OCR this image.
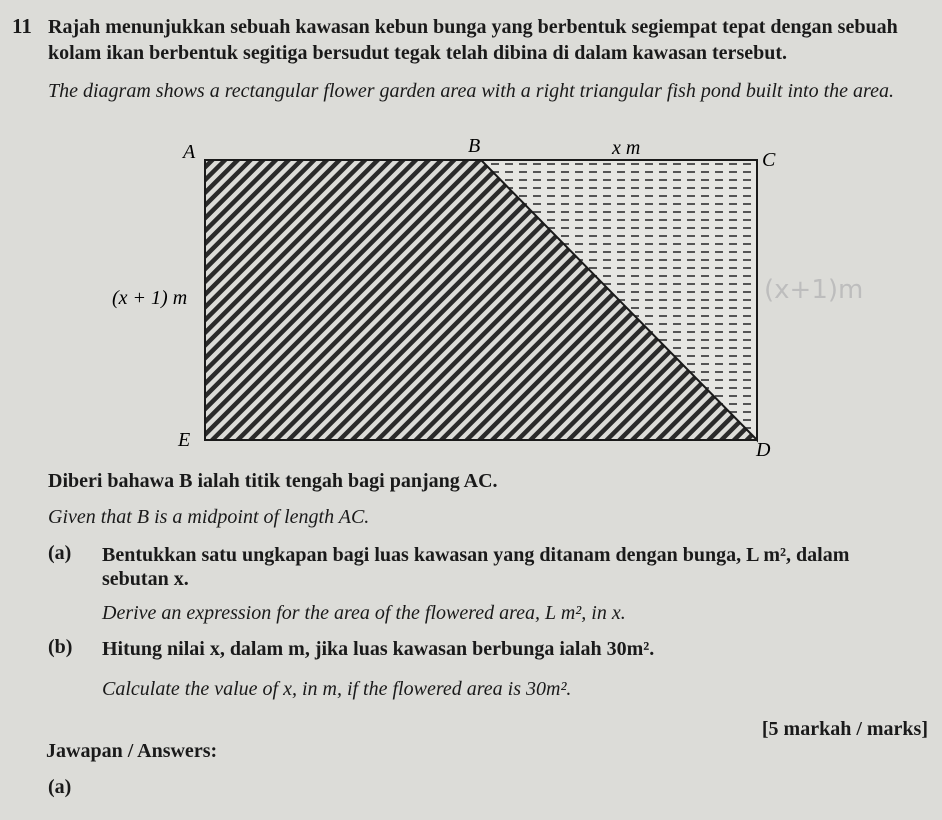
11 Rajah menunjukkan sebuah kawasan kebun bunga yang berbentuk segiempat tepat dengan sebuah kolam ikan berbentuk segitiga bersudut tegak telah dibina di dalam kawasan tersebut.
The diagram shows a rectangular flower garden area with a right triangular fish pond built into the area.
A	B
C
D
E
x m
(x + 1) m	(x+1)m
Diberi bahawa B ialah titik tengah bagi panjang AC.
Given that B is a midpoint of length AC.
(a) Bentukkan satu ungkapan bagi luas kawasan yang ditanam dengan bunga, L m², dalam
sebutan x.
Derive an expression for the area of the flowered area, L m², in x.
(b) Hitung nilai x, dalam m, jika luas kawasan berbunga ialah 30m².
Calculate the value of x, in m, if the flowered area is 30m².
[5 markah / marks]
Jawapan / Answers:
(a)
